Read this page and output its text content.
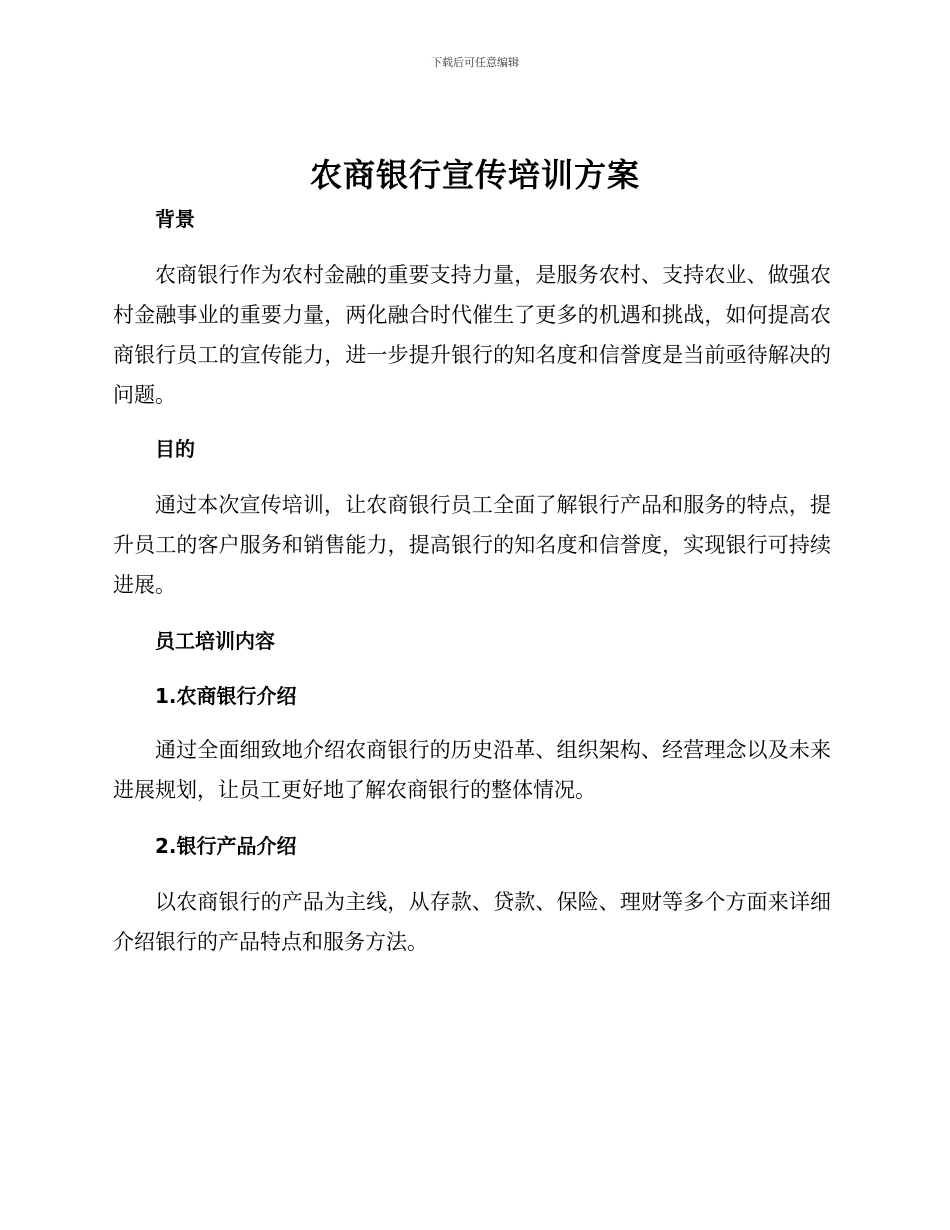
下载后可任意编辑
农商银行宣传培训方案

背景

农商银行作为农村金融的重要支持力量，是服务农村、支持农业、做强农村金融事业的重要力量，两化融合时代催生了更多的机遇和挑战，如何提高农商银行员工的宣传能力，进一步提升银行的知名度和信誉度是当前亟待解决的问题。

目的

通过本次宣传培训，让农商银行员工全面了解银行产品和服务的特点，提升员工的客户服务和销售能力，提高银行的知名度和信誉度，实现银行可持续进展。

员工培训内容

1.农商银行介绍

通过全面细致地介绍农商银行的历史沿革、组织架构、经营理念以及未来进展规划，让员工更好地了解农商银行的整体情况。

2.银行产品介绍

以农商银行的产品为主线，从存款、贷款、保险、理财等多个方面来详细介绍银行的产品特点和服务方法。
